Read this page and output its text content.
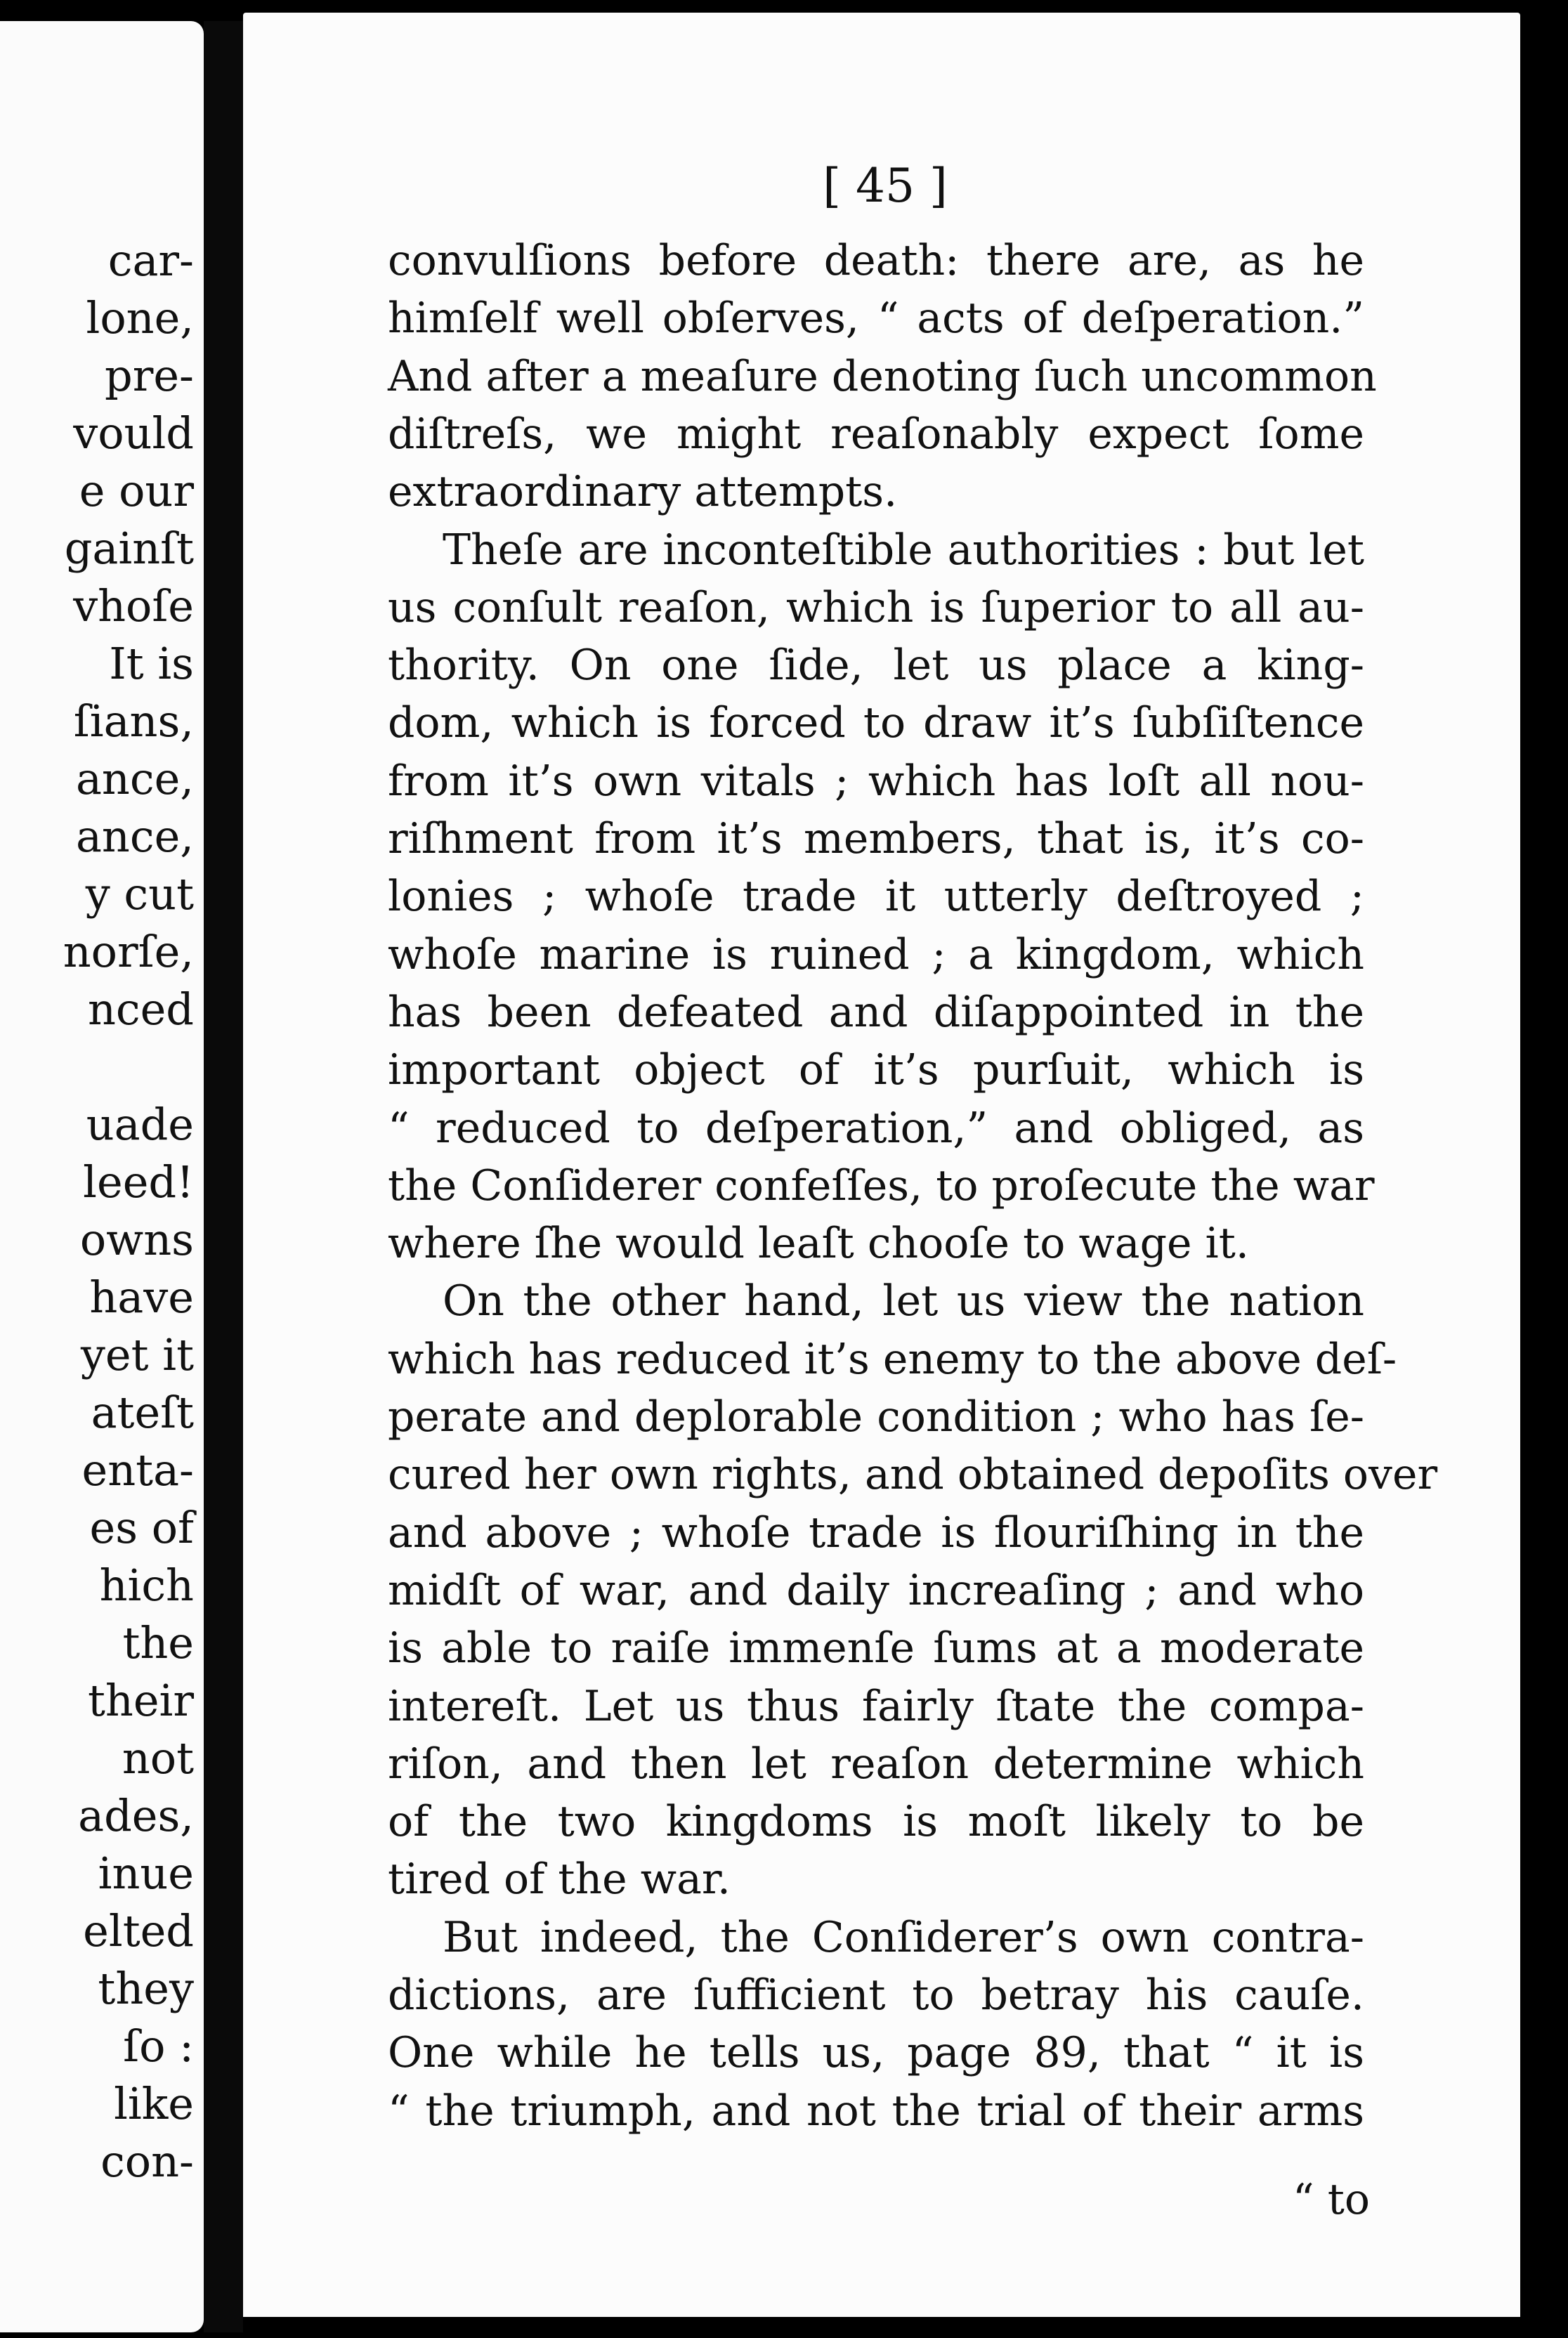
[ 45 ]
“ to
car-
lone,
pre-
vould
e our
gainſt
vhoſe
It is
ſians,
ance,
ance,
y cut
norſe,
nced
uade
leed!
owns
have
yet it
ateſt
enta-
es of
hich
the
their
not
ades,
inue
elted
they
ſo :
like
con-
convulſions before death: there are, as he
himſelf well obſerves, “ acts of deſperation.”
And after a meaſure denoting ſuch uncommon
diſtreſs, we might reaſonably expect ſome
extraordinary attempts.
Theſe are inconteſtible authorities : but let
us conſult reaſon, which is ſuperior to all au-
thority. On one ſide, let us place a king-
dom, which is forced to draw it’s ſubſiſtence
from it’s own vitals ; which has loſt all nou-
riſhment from it’s members, that is, it’s co-
lonies ; whoſe trade it utterly deſtroyed ;
whoſe marine is ruined ; a kingdom, which
has been defeated and diſappointed in the
important object of it’s purſuit, which is
“ reduced to deſperation,” and obliged, as
the Conſiderer confeſſes, to proſecute the war
where ſhe would leaſt chooſe to wage it.
On the other hand, let us view the nation
which has reduced it’s enemy to the above deſ-
perate and deplorable condition ; who has ſe-
cured her own rights, and obtained depoſits over
and above ; whoſe trade is flouriſhing in the
midſt of war, and daily increaſing ; and who
is able to raiſe immenſe ſums at a moderate
intereſt. Let us thus fairly ſtate the compa-
riſon, and then let reaſon determine which
of the two kingdoms is moſt likely to be
tired of the war.
But indeed, the Conſiderer’s own contra-
dictions, are ſufficient to betray his cauſe.
One while he tells us, page 89, that “ it is
“ the triumph, and not the trial of their arms
